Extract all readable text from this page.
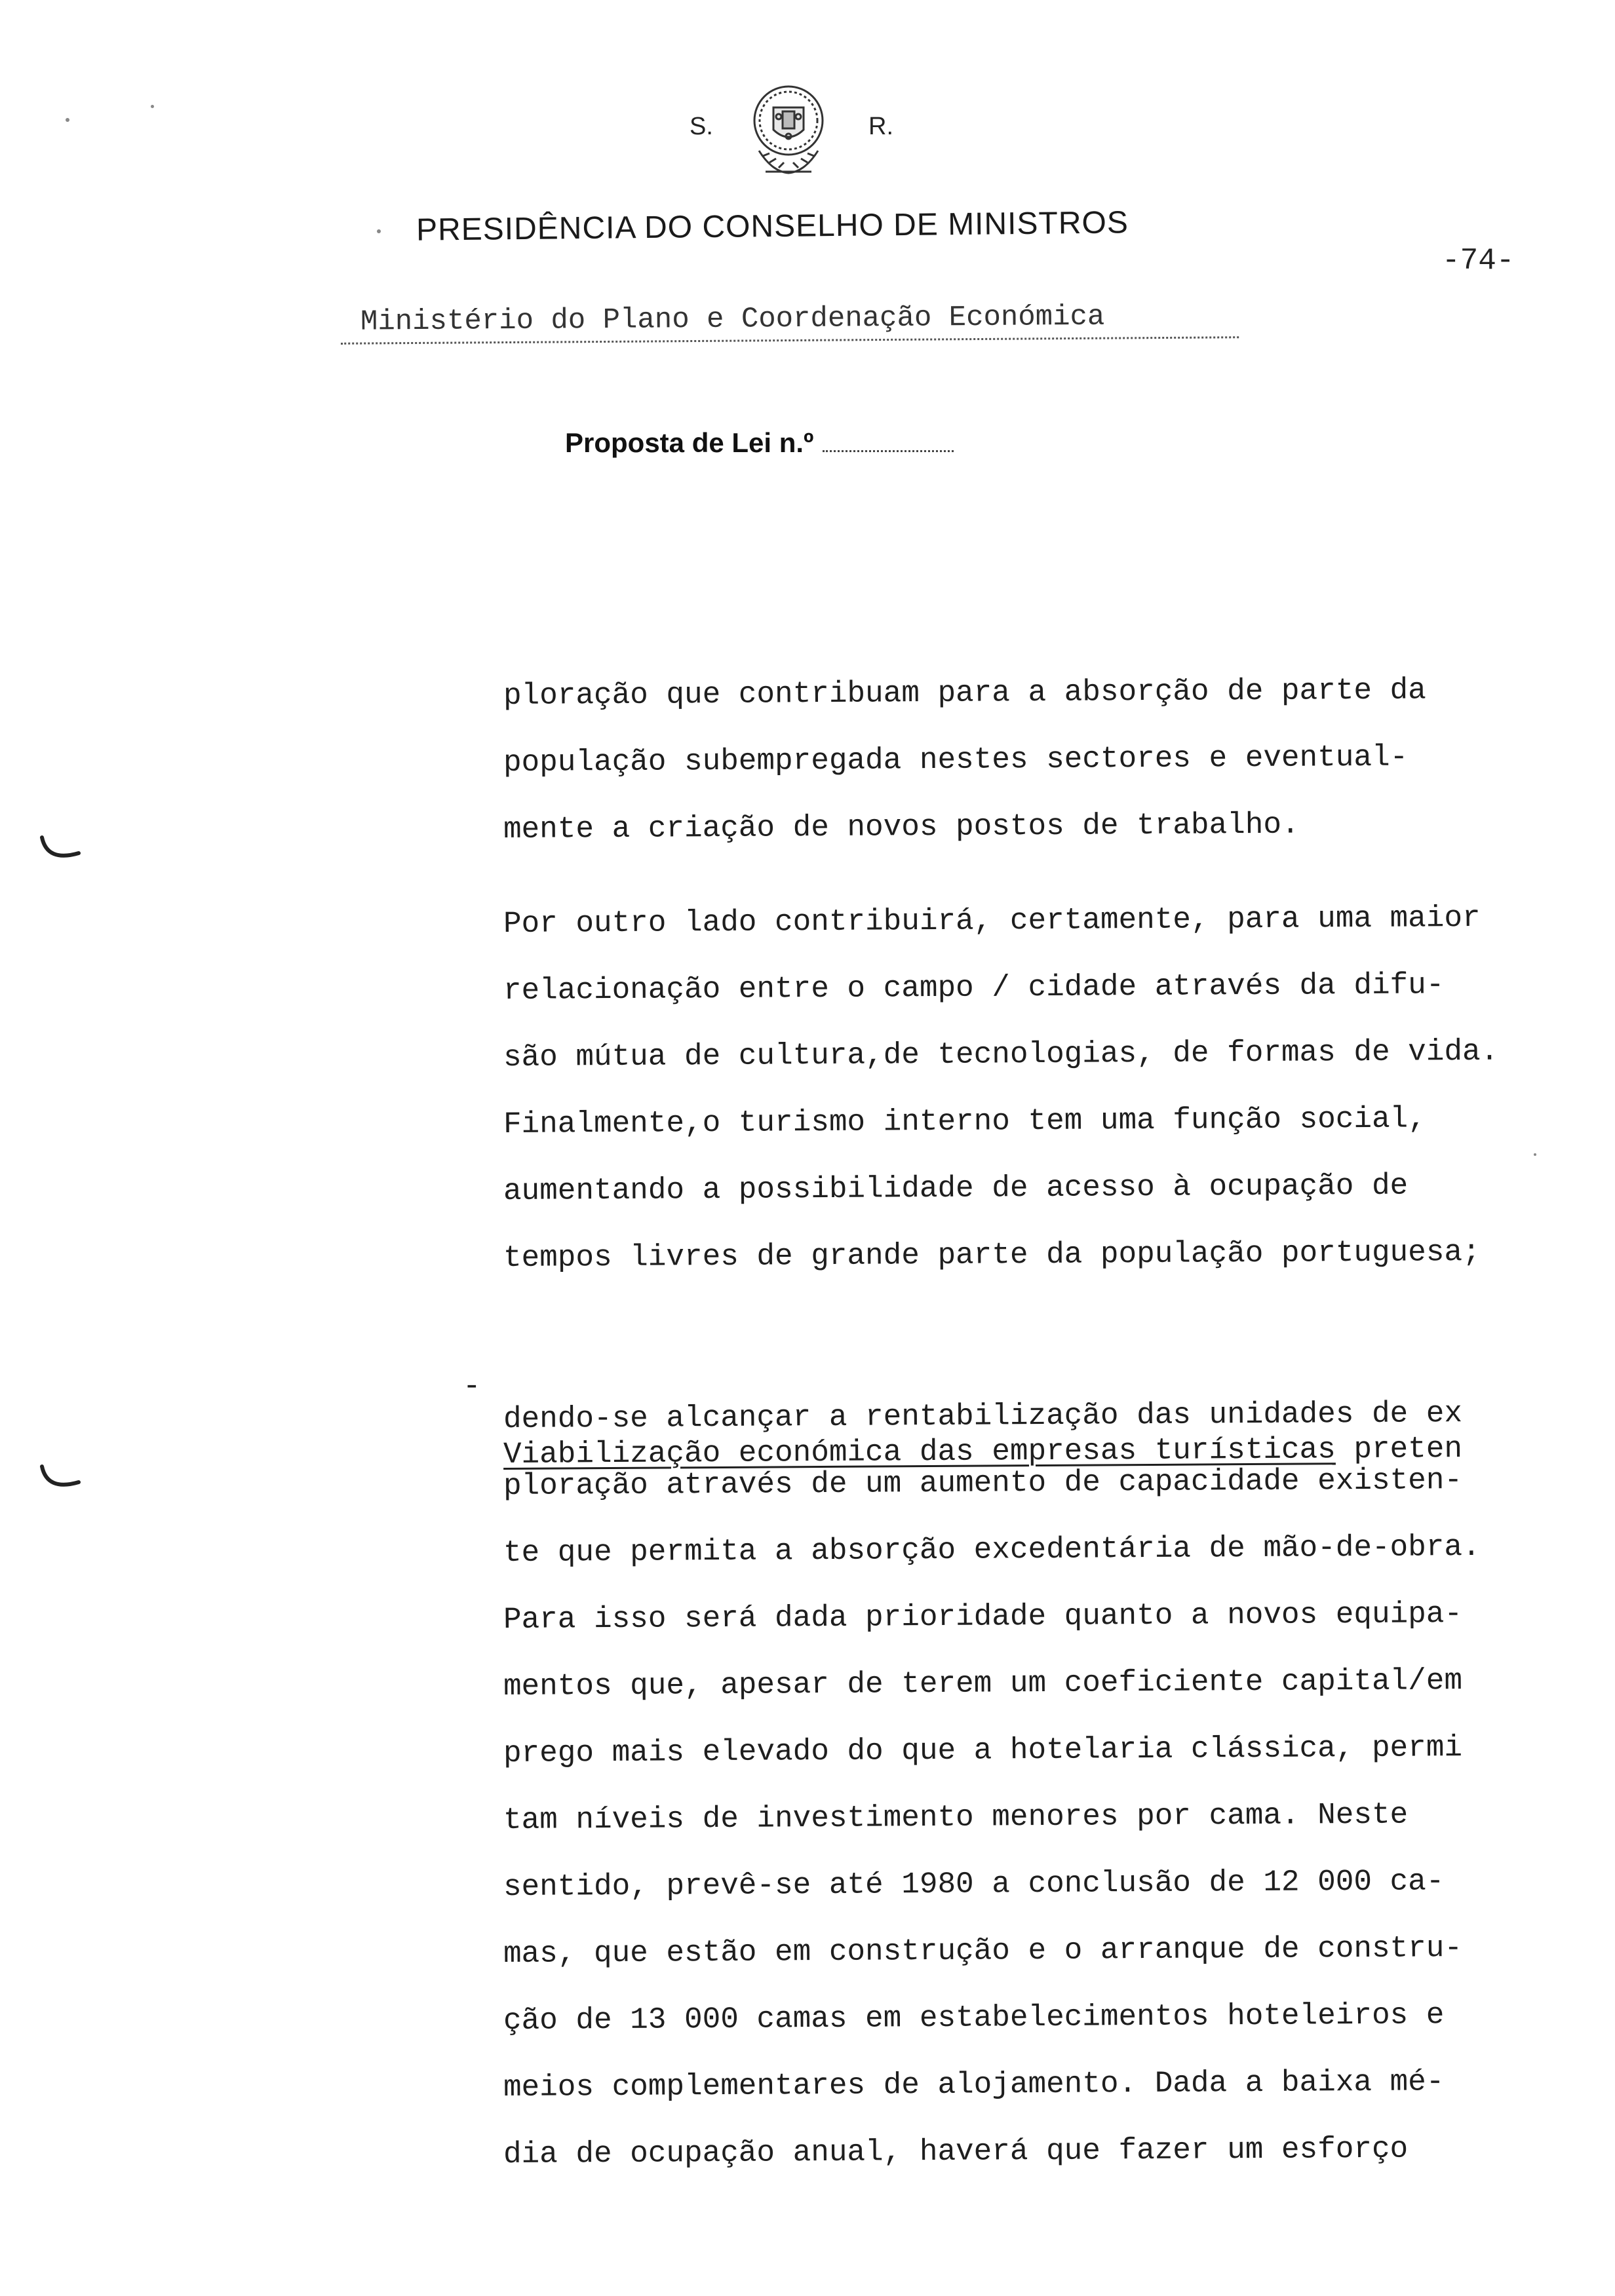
S.	R.
PRESIDÊNCIA DO CONSELHO DE MINISTROS
-74-
Ministério do Plano e Coordenação Económica
Proposta de Lei n.º
ploração que contribuam para a absorção de parte da
população subempregada nestes sectores e eventual-
mente a criação de novos postos de trabalho.
Por outro lado contribuirá, certamente, para uma maior
relacionação entre o campo / cidade através da difu-
são mútua de cultura,de tecnologias, de formas de vida.
Finalmente,o turismo interno tem uma função social,
aumentando a possibilidade de acesso à ocupação de
tempos livres de grande parte da população portuguesa;

-

Viabilização económica das empresas turísticas preten

dendo-se alcançar a rentabilização das unidades de ex
ploração através de um aumento de capacidade existen-
te que permita a absorção excedentária de mão-de-obra.
Para isso será dada prioridade quanto a novos equipa-
mentos que, apesar de terem um coeficiente capital/em
prego mais elevado do que a hotelaria clássica, permi
tam níveis de investimento menores por cama. Neste
sentido, prevê-se até 1980 a conclusão de 12 000 ca-
mas, que estão em construção e o arranque de constru-
ção de 13 000 camas em estabelecimentos hoteleiros e
meios complementares de alojamento. Dada a baixa mé-
dia de ocupação anual, haverá que fazer um esforço
